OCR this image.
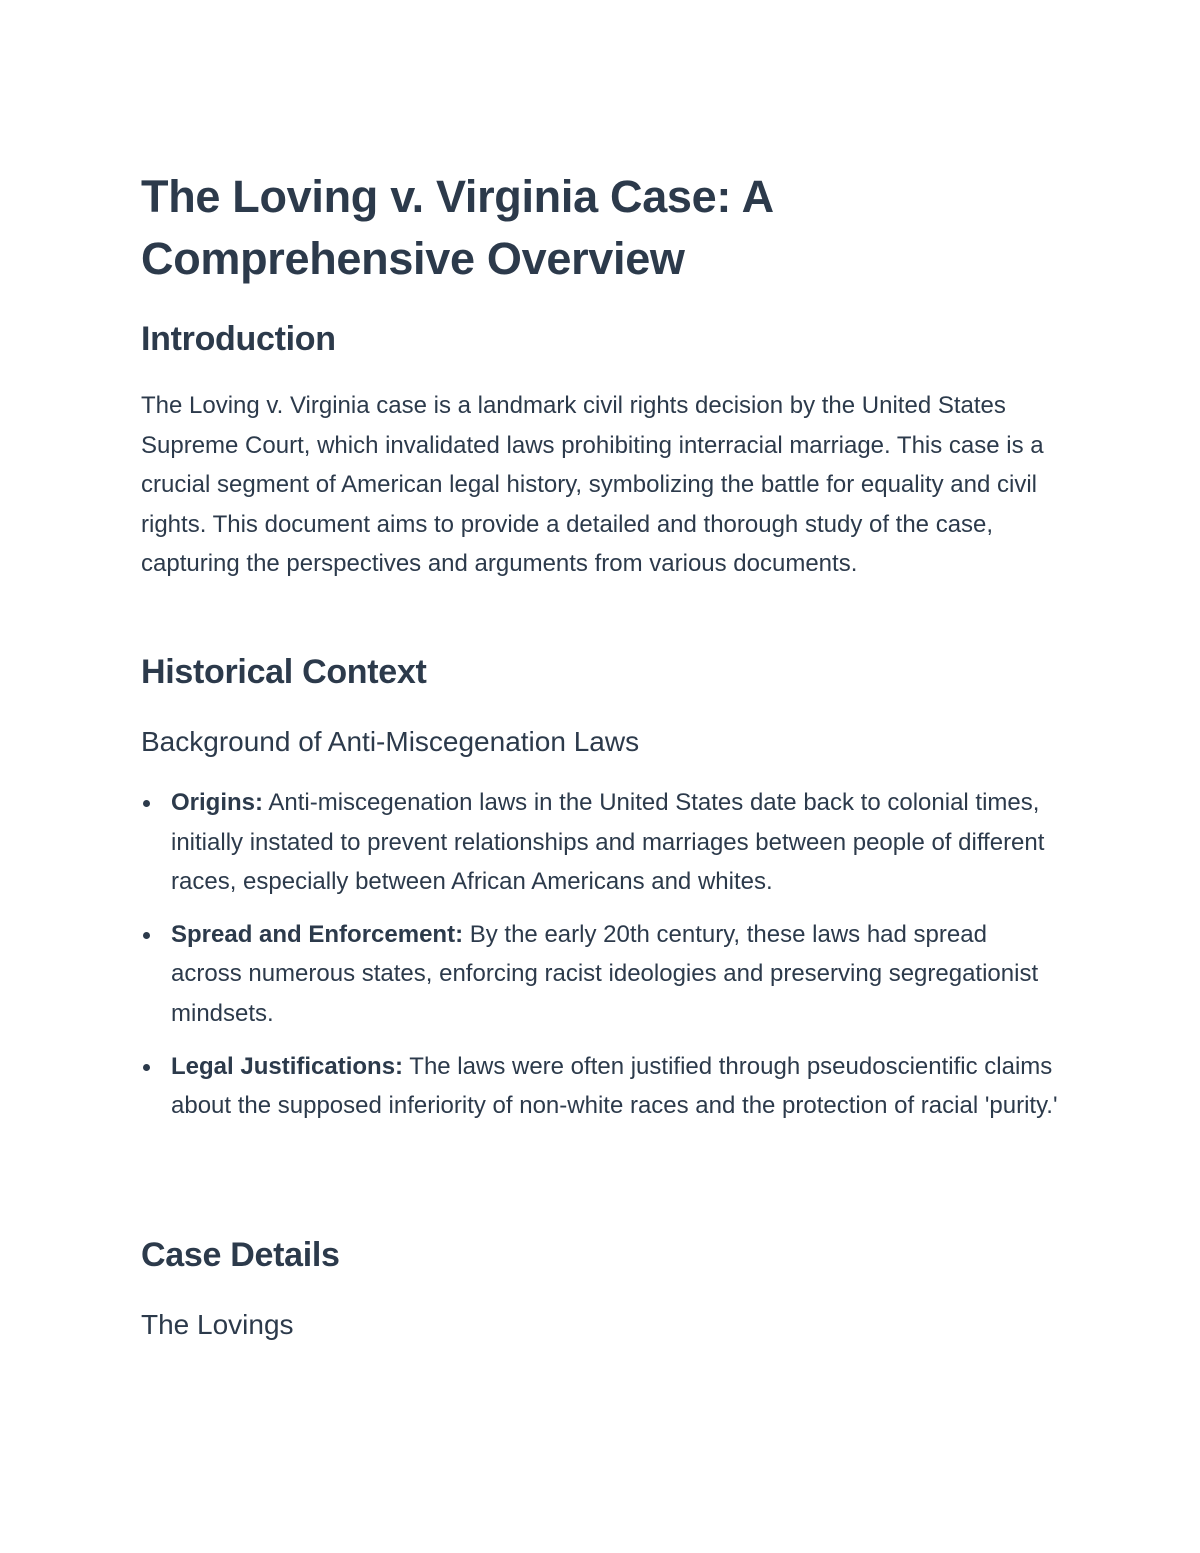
The Loving v. Virginia Case: A Comprehensive Overview
Introduction

The Loving v. Virginia case is a landmark civil rights decision by the United States Supreme Court, which invalidated laws prohibiting interracial marriage. This case is a crucial segment of American legal history, symbolizing the battle for equality and civil rights. This document aims to provide a detailed and thorough study of the case, capturing the perspectives and arguments from various documents.

Historical Context
Background of Anti-Miscegenation Laws
Origins: Anti-miscegenation laws in the United States date back to colonial times, initially instated to prevent relationships and marriages between people of different races, especially between African Americans and whites.
Spread and Enforcement: By the early 20th century, these laws had spread across numerous states, enforcing racist ideologies and preserving segregationist mindsets.
Legal Justifications: The laws were often justified through pseudoscientific claims about the supposed inferiority of non-white races and the protection of racial 'purity.'
Case Details
The Lovings
